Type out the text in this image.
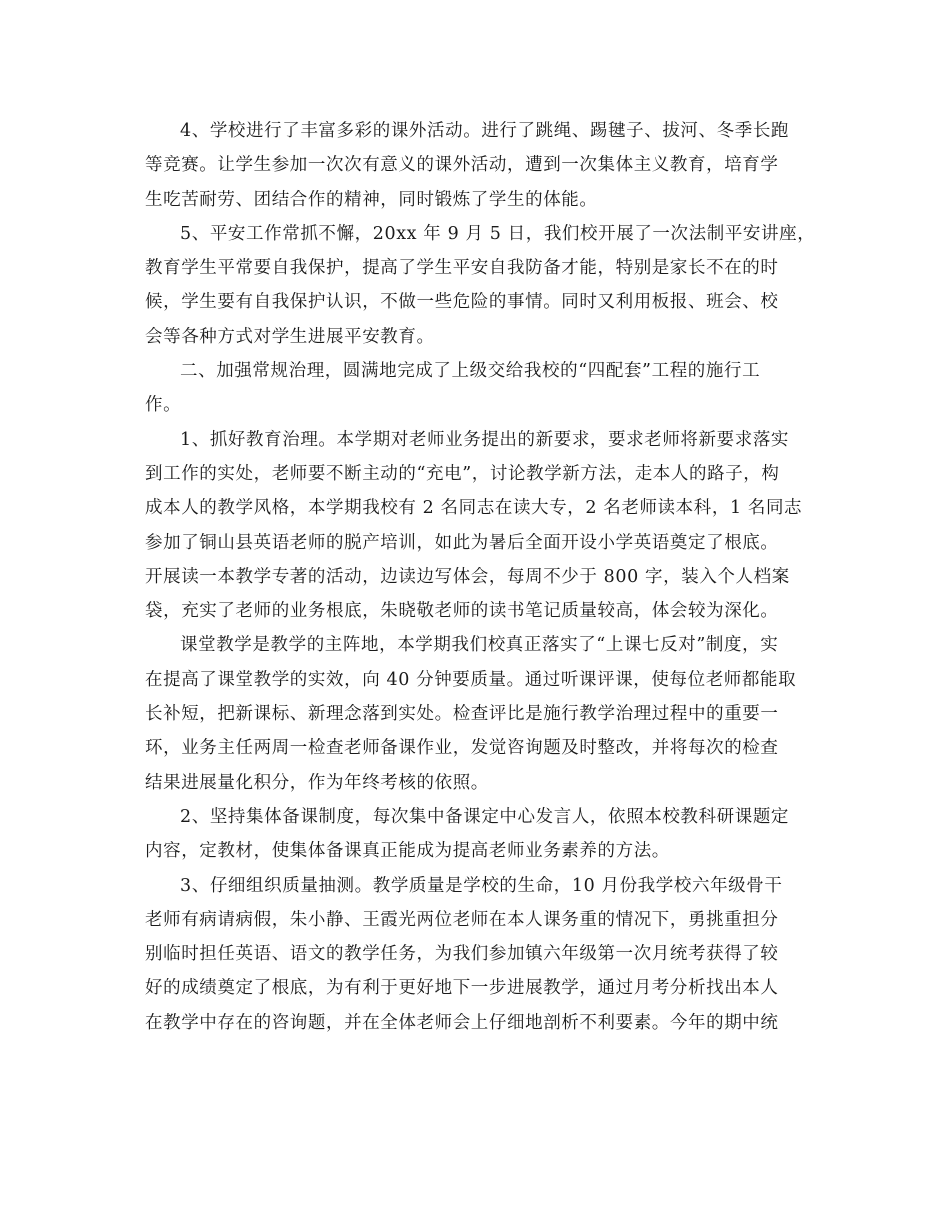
4、学校进行了丰富多彩的课外活动。进行了跳绳、踢毽子、拔河、冬季长跑
等竞赛。让学生参加一次次有意义的课外活动，遭到一次集体主义教育，培育学
生吃苦耐劳、团结合作的精神，同时锻炼了学生的体能。

5、平安工作常抓不懈，20xx 年 9 月 5 日，我们校开展了一次法制平安讲座，
教育学生平常要自我保护，提高了学生平安自我防备才能，特别是家长不在的时
候，学生要有自我保护认识，不做一些危险的事情。同时又利用板报、班会、校
会等各种方式对学生进展平安教育。

二、加强常规治理，圆满地完成了上级交给我校的“四配套”工程的施行工
作。

1、抓好教育治理。本学期对老师业务提出的新要求，要求老师将新要求落实
到工作的实处，老师要不断主动的“充电”，讨论教学新方法，走本人的路子，构
成本人的教学风格，本学期我校有 2 名同志在读大专，2 名老师读本科，1 名同志
参加了铜山县英语老师的脱产培训，如此为暑后全面开设小学英语奠定了根底。
开展读一本教学专著的活动，边读边写体会，每周不少于 800 字，装入个人档案
袋，充实了老师的业务根底，朱晓敬老师的读书笔记质量较高，体会较为深化。

课堂教学是教学的主阵地，本学期我们校真正落实了“上课七反对”制度，实
在提高了课堂教学的实效，向 40 分钟要质量。通过听课评课，使每位老师都能取
长补短，把新课标、新理念落到实处。检查评比是施行教学治理过程中的重要一
环，业务主任两周一检查老师备课作业，发觉咨询题及时整改，并将每次的检查
结果进展量化积分，作为年终考核的依照。

2、坚持集体备课制度，每次集中备课定中心发言人，依照本校教科研课题定
内容，定教材，使集体备课真正能成为提高老师业务素养的方法。

3、仔细组织质量抽测。教学质量是学校的生命，10 月份我学校六年级骨干
老师有病请病假，朱小静、王霞光两位老师在本人课务重的情况下，勇挑重担分
别临时担任英语、语文的教学任务，为我们参加镇六年级第一次月统考获得了较
好的成绩奠定了根底，为有利于更好地下一步进展教学，通过月考分析找出本人
在教学中存在的咨询题，并在全体老师会上仔细地剖析不利要素。今年的期中统
